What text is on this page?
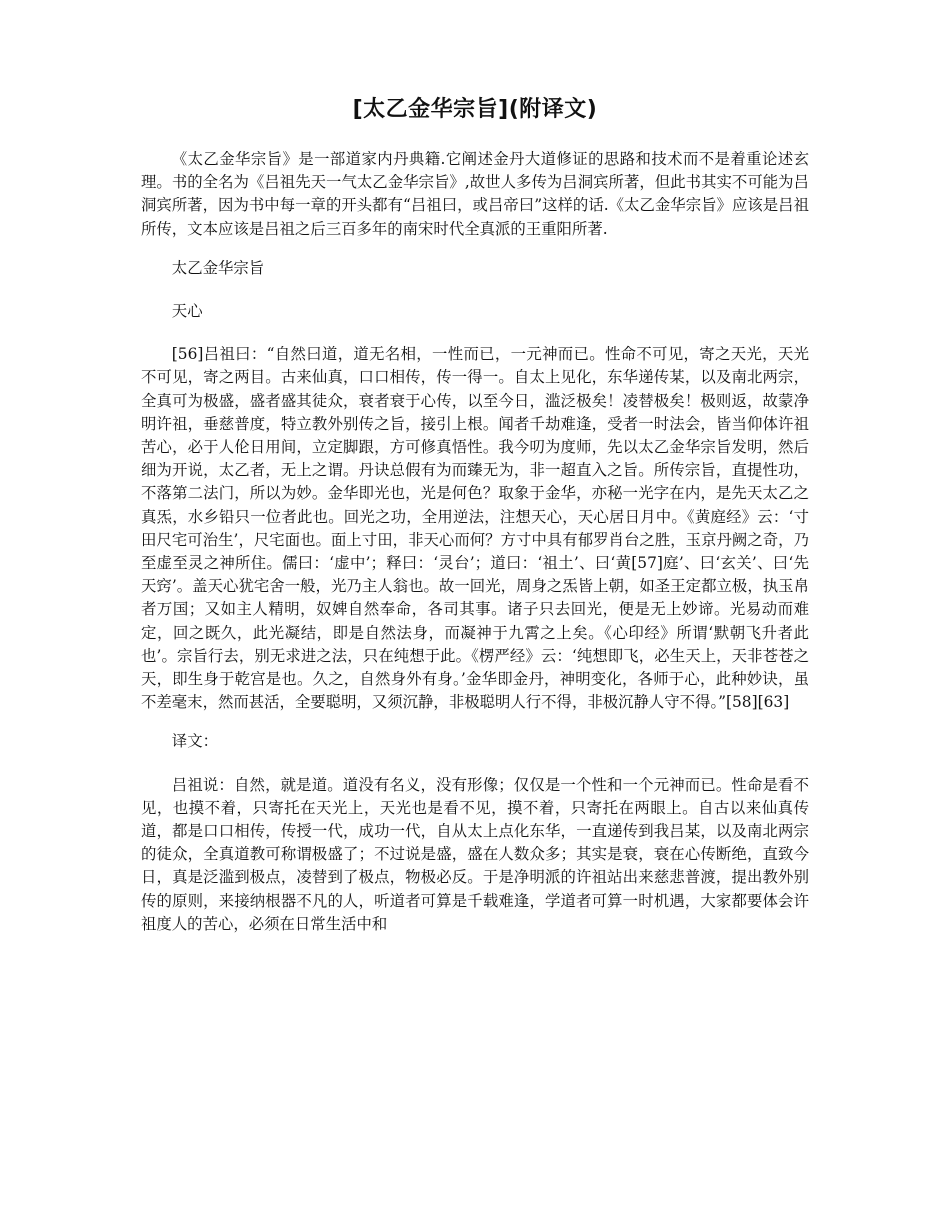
[太乙金华宗旨](附译文)

《太乙金华宗旨》是一部道家内丹典籍.它阐述金丹大道修证的思路和技术而不是着重论述玄理。书的全名为《吕祖先天一气太乙金华宗旨》,故世人多传为吕洞宾所著，但此书其实不可能为吕洞宾所著，因为书中每一章的开头都有“吕祖曰，或吕帝曰”这样的话.《太乙金华宗旨》应该是吕祖所传，文本应该是吕祖之后三百多年的南宋时代全真派的王重阳所著.

太乙金华宗旨

天心

[56]吕祖曰：“自然曰道，道无名相，一性而已，一元神而已。性命不可见，寄之天光，天光不可见，寄之两目。古来仙真，口口相传，传一得一。自太上见化，东华递传某，以及南北两宗，全真可为极盛，盛者盛其徒众，衰者衰于心传，以至今日，滥泛极矣！凌替极矣！极则返，故蒙净明许祖，垂慈普度，特立教外别传之旨，接引上根。闻者千劫难逢，受者一时法会，皆当仰体许祖苦心，必于人伦日用间，立定脚跟，方可修真悟性。我今叨为度师，先以太乙金华宗旨发明，然后细为开说，太乙者，无上之谓。丹诀总假有为而臻无为，非一超直入之旨。所传宗旨，直提性功，不落第二法门，所以为妙。金华即光也，光是何色？取象于金华，亦秘一光字在内，是先天太乙之真炁，水乡铅只一位者此也。回光之功，全用逆法，注想天心，天心居日月中。《黄庭经》云：‘寸田尺宅可治生’，尺宅面也。面上寸田，非天心而何？方寸中具有郁罗肖台之胜，玉京丹阙之奇，乃至虚至灵之神所住。儒曰：‘虚中’；释曰：‘灵台’；道曰：‘祖土’、曰‘黄[57]庭’、曰‘玄关’、曰‘先天窍’。盖天心犹宅舍一般，光乃主人翁也。故一回光，周身之炁皆上朝，如圣王定都立极，执玉帛者万国；又如主人精明，奴婢自然奉命，各司其事。诸子只去回光，便是无上妙谛。光易动而难定，回之既久，此光凝结，即是自然法身，而凝神于九霄之上矣。《心印经》所谓‘默朝飞升者此也’。宗旨行去，别无求进之法，只在纯想于此。《楞严经》云：‘纯想即飞，必生天上，天非苍苍之天，即生身于乾宫是也。久之，自然身外有身。’金华即金丹，神明变化，各师于心，此种妙诀，虽不差毫末，然而甚活，全要聪明，又须沉静，非极聪明人行不得，非极沉静人守不得。”[58][63]

译文：

吕祖说：自然，就是道。道没有名义，没有形像；仅仅是一个性和一个元神而已。性命是看不见，也摸不着，只寄托在天光上，天光也是看不见，摸不着，只寄托在两眼上。自古以来仙真传道，都是口口相传，传授一代，成功一代，自从太上点化东华，一直递传到我吕某，以及南北两宗的徒众，全真道教可称谓极盛了；不过说是盛，盛在人数众多；其实是衰，衰在心传断绝，直致今日，真是泛滥到极点，凌替到了极点，物极必反。于是净明派的许祖站出来慈悲普渡，提出教外别传的原则，来接纳根器不凡的人，听道者可算是千载难逢，学道者可算一时机遇，大家都要体会许祖度人的苦心，必须在日常生活中和
